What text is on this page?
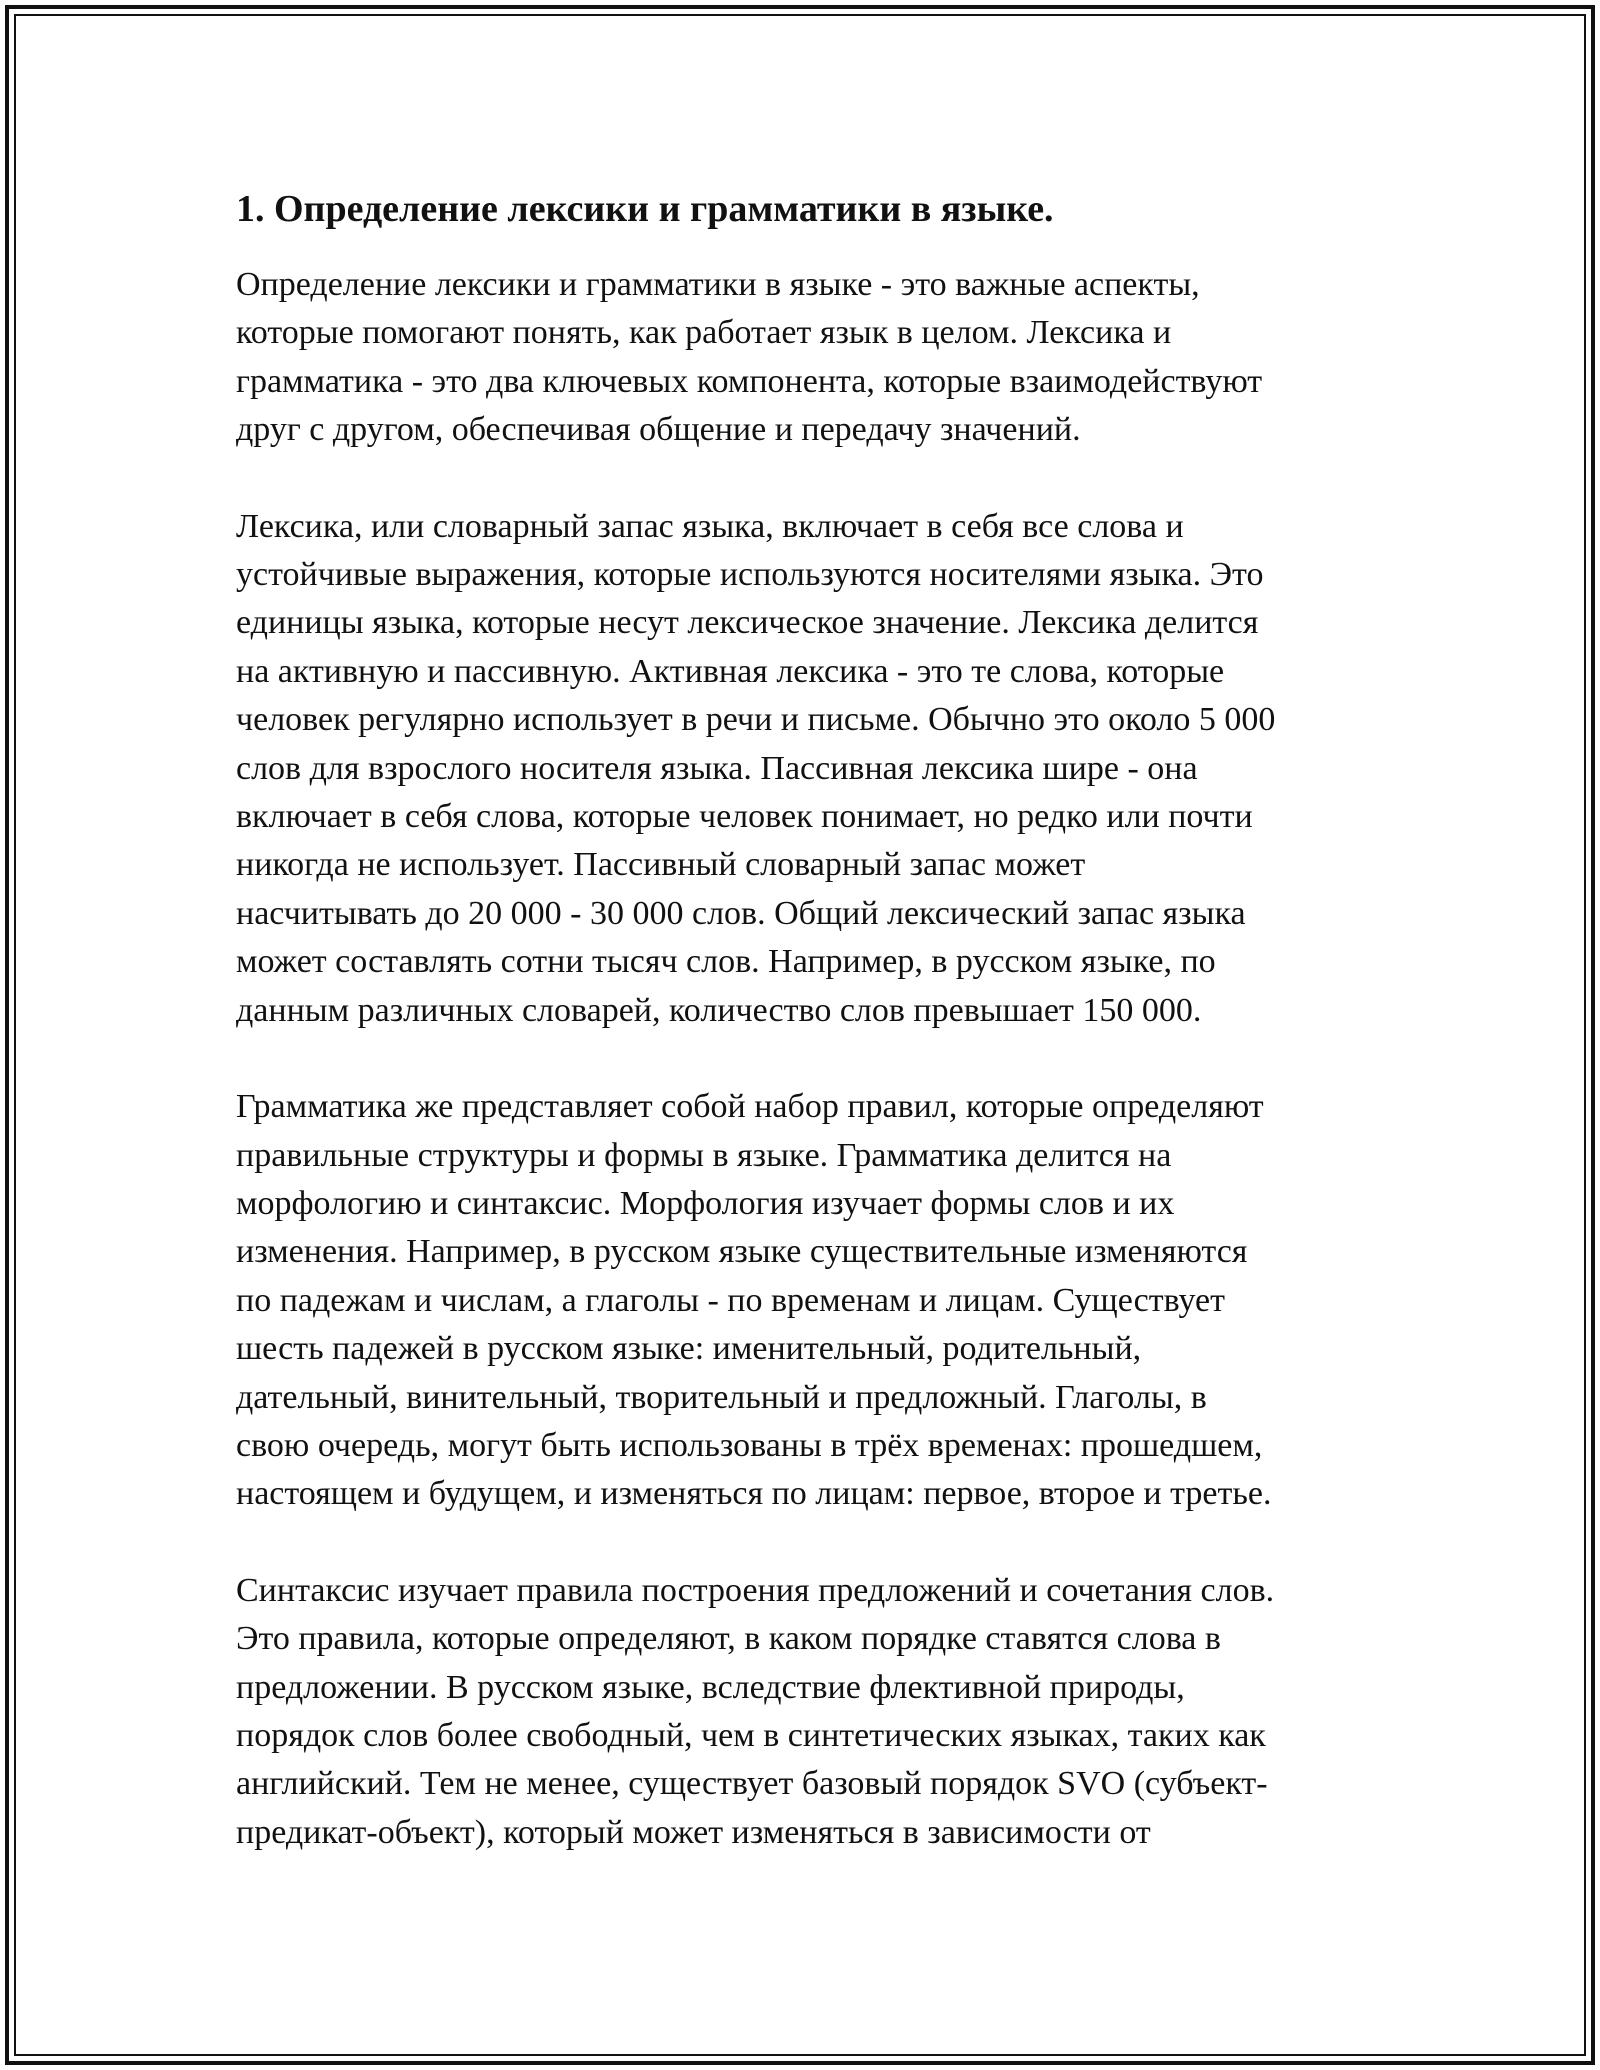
1. Определение лексики и грамматики в языке.

Определение лексики и грамматики в языке - это важные аспекты,
которые помогают понять, как работает язык в целом. Лексика и
грамматика - это два ключевых компонента, которые взаимодействуют
друг с другом, обеспечивая общение и передачу значений.

Лексика, или словарный запас языка, включает в себя все слова и
устойчивые выражения, которые используются носителями языка. Это
единицы языка, которые несут лексическое значение. Лексика делится
на активную и пассивную. Активная лексика - это те слова, которые
человек регулярно использует в речи и письме. Обычно это около 5 000
слов для взрослого носителя языка. Пассивная лексика шире - она
включает в себя слова, которые человек понимает, но редко или почти
никогда не использует. Пассивный словарный запас может
насчитывать до 20 000 - 30 000 слов. Общий лексический запас языка
может составлять сотни тысяч слов. Например, в русском языке, по
данным различных словарей, количество слов превышает 150 000.

Грамматика же представляет собой набор правил, которые определяют
правильные структуры и формы в языке. Грамматика делится на
морфологию и синтаксис. Морфология изучает формы слов и их
изменения. Например, в русском языке существительные изменяются
по падежам и числам, а глаголы - по временам и лицам. Существует
шесть падежей в русском языке: именительный, родительный,
дательный, винительный, творительный и предложный. Глаголы, в
свою очередь, могут быть использованы в трёх временах: прошедшем,
настоящем и будущем, и изменяться по лицам: первое, второе и третье.

Синтаксис изучает правила построения предложений и сочетания слов.
Это правила, которые определяют, в каком порядке ставятся слова в
предложении. В русском языке, вследствие флективной природы,
порядок слов более свободный, чем в синтетических языках, таких как
английский. Тем не менее, существует базовый порядок SVO (субъект-
предикат-объект), который может изменяться в зависимости от
